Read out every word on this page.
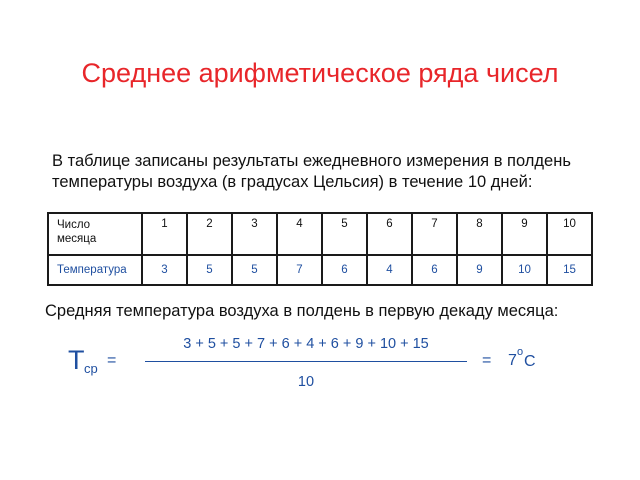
Среднее арифметическое ряда чисел
В таблице записаны результаты ежедневного измерения в полдень
температуры воздуха (в градусах Цельсия) в течение 10 дней:
Число
месяца	1	2	3	4	5	6	7	8	9	10
Температура	3	5	5	7	6	4	6	9	10	15
Средняя температура воздуха в полдень в первую декаду месяца:
T ср =
3 + 5 + 5 + 7 + 6 + 4 + 6 + 9 + 10 + 15
10
= 7 o
C
